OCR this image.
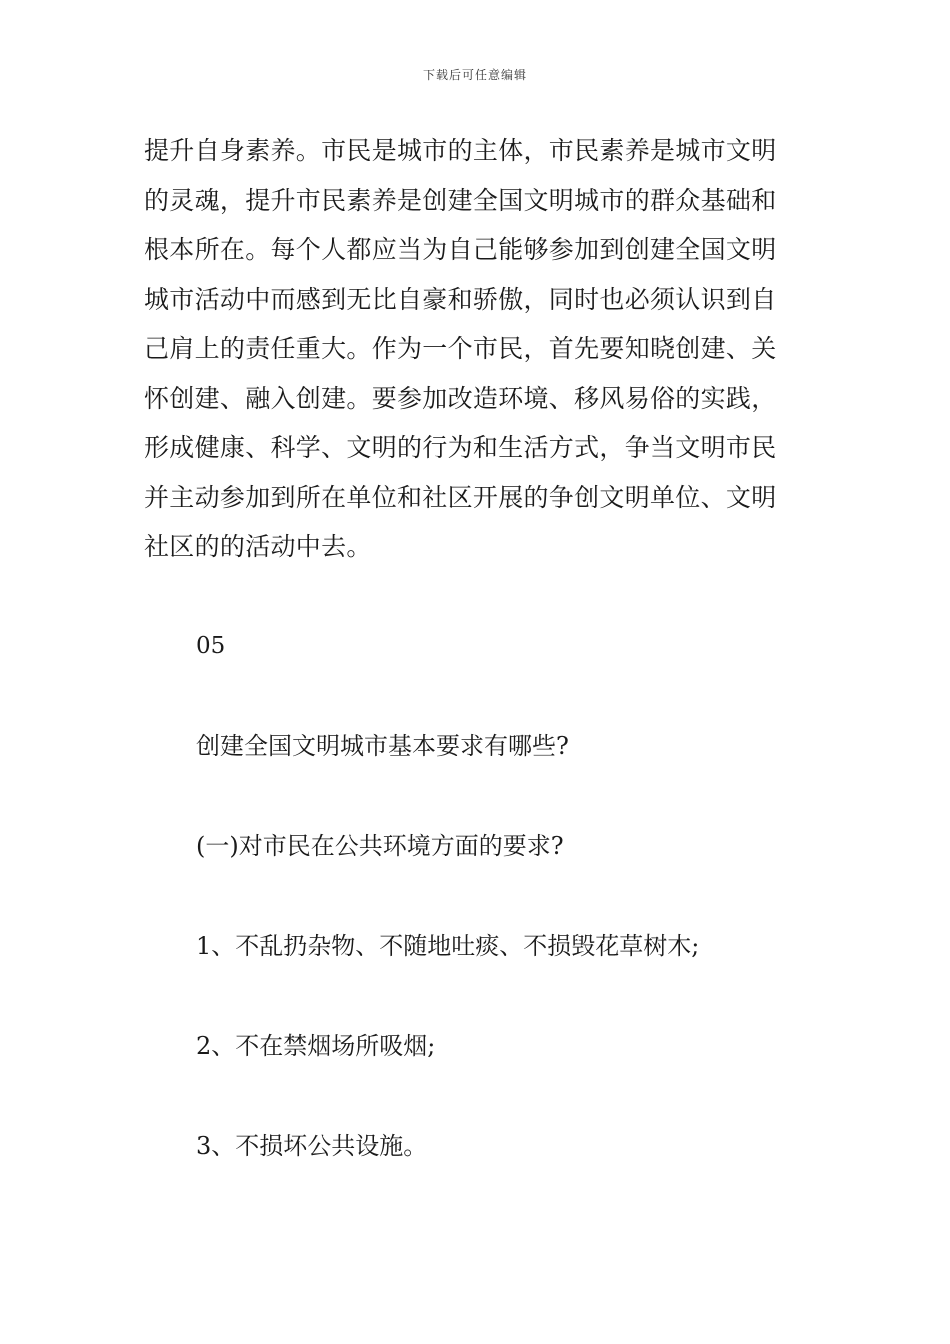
下载后可任意编辑
提升自身素养。市民是城市的主体，市民素养是城市文明
的灵魂，提升市民素养是创建全国文明城市的群众基础和
根本所在。每个人都应当为自己能够参加到创建全国文明
城市活动中而感到无比自豪和骄傲，同时也必须认识到自
己肩上的责任重大。作为一个市民，首先要知晓创建、关
怀创建、融入创建。要参加改造环境、移风易俗的实践，
形成健康、科学、文明的行为和生活方式，争当文明市民
并主动参加到所在单位和社区开展的争创文明单位、文明
社区的的活动中去。
05
创建全国文明城市基本要求有哪些?
(一)对市民在公共环境方面的要求?
1、不乱扔杂物、不随地吐痰、不损毁花草树木;
2、不在禁烟场所吸烟;
3、不损坏公共设施。
